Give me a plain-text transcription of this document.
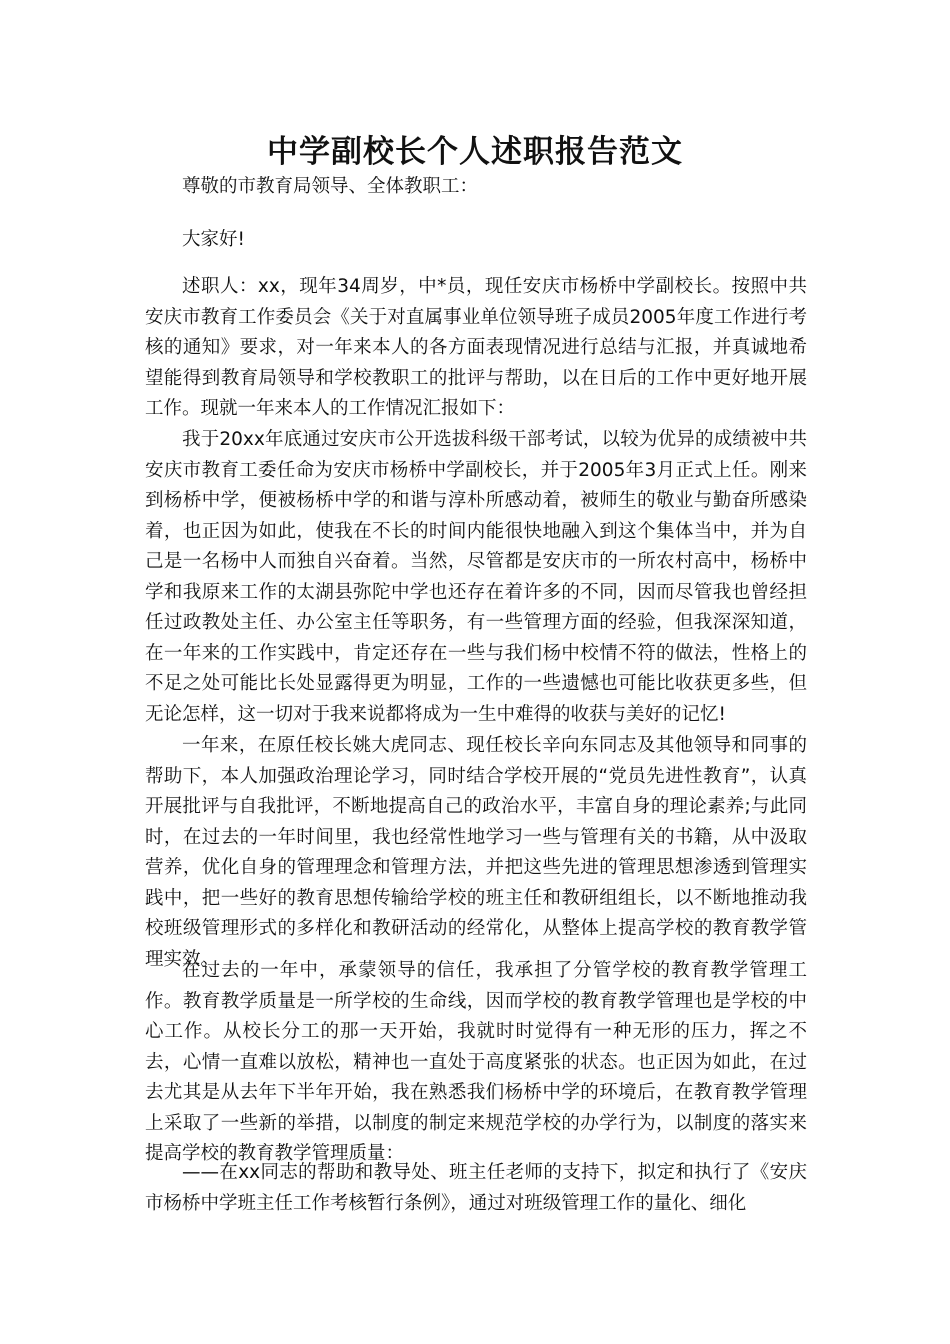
中学副校长个人述职报告范文

尊敬的市教育局领导、全体教职工：

大家好!

述职人：xx，现年34周岁，中*员，现任安庆市杨桥中学副校长。按照中共安庆市教育工作委员会《关于对直属事业单位领导班子成员2005年度工作进行考核的通知》要求，对一年来本人的各方面表现情况进行总结与汇报，并真诚地希望能得到教育局领导和学校教职工的批评与帮助，以在日后的工作中更好地开展工作。现就一年来本人的工作情况汇报如下：

我于20xx年底通过安庆市公开选拔科级干部考试，以较为优异的成绩被中共安庆市教育工委任命为安庆市杨桥中学副校长，并于2005年3月正式上任。刚来到杨桥中学，便被杨桥中学的和谐与淳朴所感动着，被师生的敬业与勤奋所感染着，也正因为如此，使我在不长的时间内能很快地融入到这个集体当中，并为自己是一名杨中人而独自兴奋着。当然，尽管都是安庆市的一所农村高中，杨桥中学和我原来工作的太湖县弥陀中学也还存在着许多的不同，因而尽管我也曾经担任过政教处主任、办公室主任等职务，有一些管理方面的经验，但我深深知道，在一年来的工作实践中，肯定还存在一些与我们杨中校情不符的做法，性格上的不足之处可能比长处显露得更为明显，工作的一些遗憾也可能比收获更多些，但无论怎样，这一切对于我来说都将成为一生中难得的收获与美好的记忆!

一年来，在原任校长姚大虎同志、现任校长辛向东同志及其他领导和同事的帮助下，本人加强政治理论学习，同时结合学校开展的“党员先进性教育”，认真开展批评与自我批评，不断地提高自己的政治水平，丰富自身的理论素养;与此同时，在过去的一年时间里，我也经常性地学习一些与管理有关的书籍，从中汲取营养，优化自身的管理理念和管理方法，并把这些先进的管理思想渗透到管理实践中，把一些好的教育思想传输给学校的班主任和教研组组长，以不断地推动我校班级管理形式的多样化和教研活动的经常化，从整体上提高学校的教育教学管理实效。

在过去的一年中，承蒙领导的信任，我承担了分管学校的教育教学管理工作。教育教学质量是一所学校的生命线，因而学校的教育教学管理也是学校的中心工作。从校长分工的那一天开始，我就时时觉得有一种无形的压力，挥之不去，心情一直难以放松，精神也一直处于高度紧张的状态。也正因为如此，在过去尤其是从去年下半年开始，我在熟悉我们杨桥中学的环境后，在教育教学管理上采取了一些新的举措，以制度的制定来规范学校的办学行为，以制度的落实来提高学校的教育教学管理质量：

——在xx同志的帮助和教导处、班主任老师的支持下，拟定和执行了《安庆市杨桥中学班主任工作考核暂行条例》，通过对班级管理工作的量化、细化
